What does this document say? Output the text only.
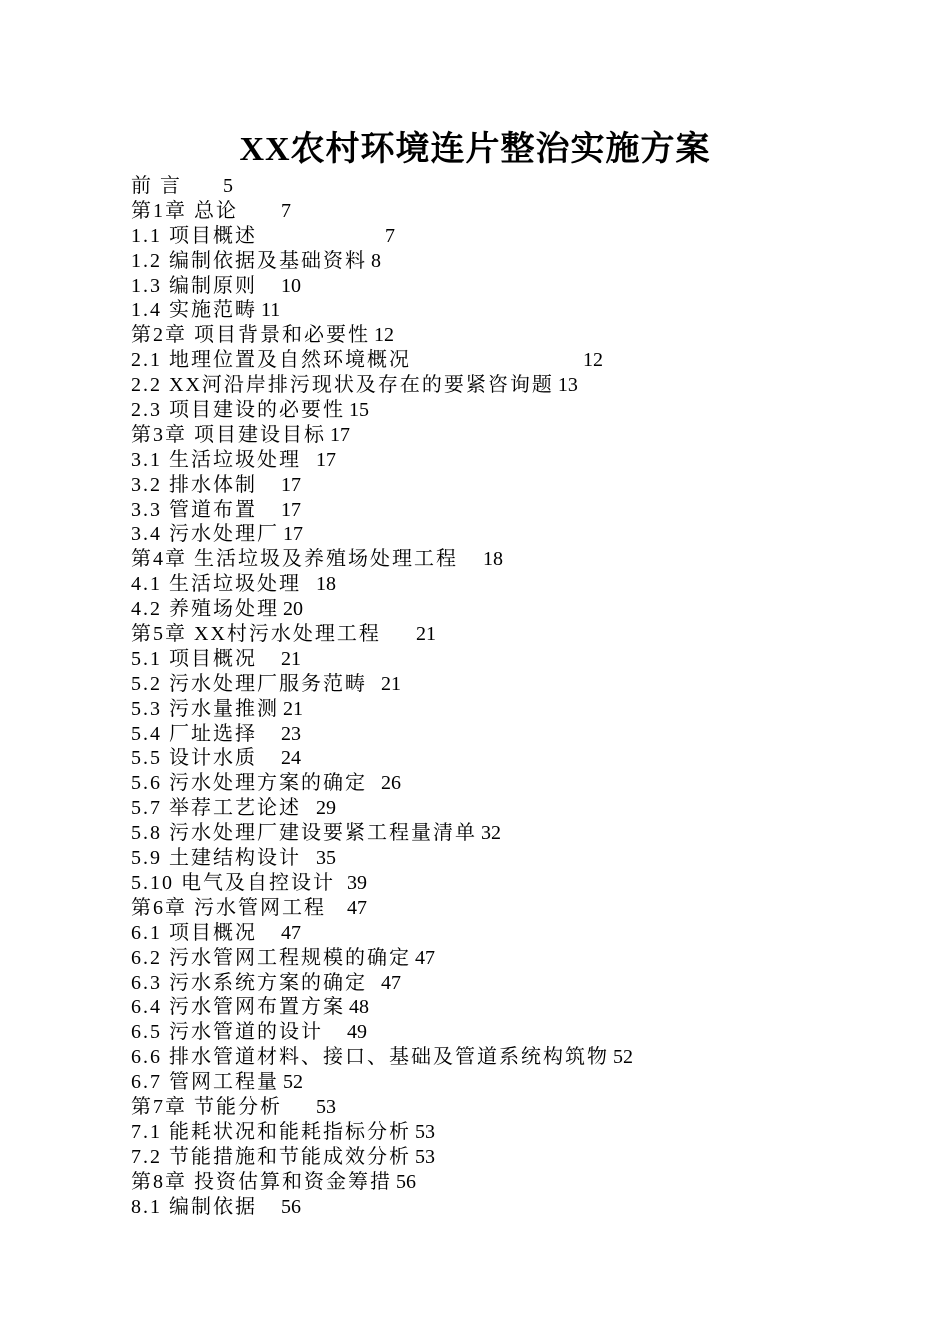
XX农村环境连片整治实施方案
前 言 5
第1章 总论 7
1.1 项目概述	7
1.2 编制依据及基础资料 8
1.3 编制原则 10
1.4 实施范畴 11
第2章 项目背景和必要性 12
2.1 地理位置及自然环境概况	12
2.2 XX河沿岸排污现状及存在的要紧咨询题 13
2.3 项目建设的必要性 15
第3章 项目建设目标 17
3.1 生活垃圾处理 17
3.2 排水体制 17
3.3 管道布置 17
3.4 污水处理厂 17
第4章 生活垃圾及养殖场处理工程 18
4.1 生活垃圾处理 18
4.2 养殖场处理 20
第5章 XX村污水处理工程 21
5.1 项目概况 21
5.2 污水处理厂服务范畴 21
5.3 污水量推测 21
5.4 厂址选择 23
5.5 设计水质 24
5.6 污水处理方案的确定 26
5.7 举荐工艺论述 29
5.8 污水处理厂建设要紧工程量清单 32
5.9 土建结构设计 35
5.10 电气及自控设计 39
第6章 污水管网工程 47
6.1 项目概况 47
6.2 污水管网工程规模的确定 47
6.3 污水系统方案的确定 47
6.4 污水管网布置方案 48
6.5 污水管道的设计 49
6.6 排水管道材料、接口、基础及管道系统构筑物 52
6.7 管网工程量 52
第7章 节能分析 53
7.1 能耗状况和能耗指标分析 53
7.2 节能措施和节能成效分析 53
第8章 投资估算和资金筹措 56
8.1 编制依据 56
